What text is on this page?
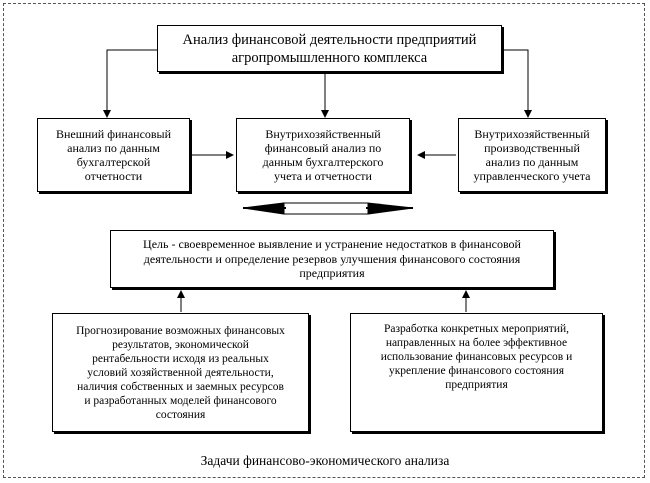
Анализ финансовой деятельности предприятий
агропромышленного комплекса
Внешний финансовый
анализ по данным
бухгалтерской
отчетности
Внутрихозяйственный
финансовый анализ по
данным бухгалтерского
учета и отчетности
Внутрихозяйственный
производственный
анализ по данным
управленческого учета
Цель - своевременное выявление и устранение недостатков в финансовой
деятельности и определение резервов улучшения финансового состояния
предприятия
Прогнозирование возможных финансовых
результатов, экономической
рентабельности исходя из реальных
условий хозяйственной деятельности,
наличия собственных и заемных ресурсов
и разработанных моделей финансового
состояния
Разработка конкретных мероприятий,
направленных на более эффективное
использование финансовых ресурсов и
укрепление финансового состояния
предприятия
Задачи финансово-экономического анализа
